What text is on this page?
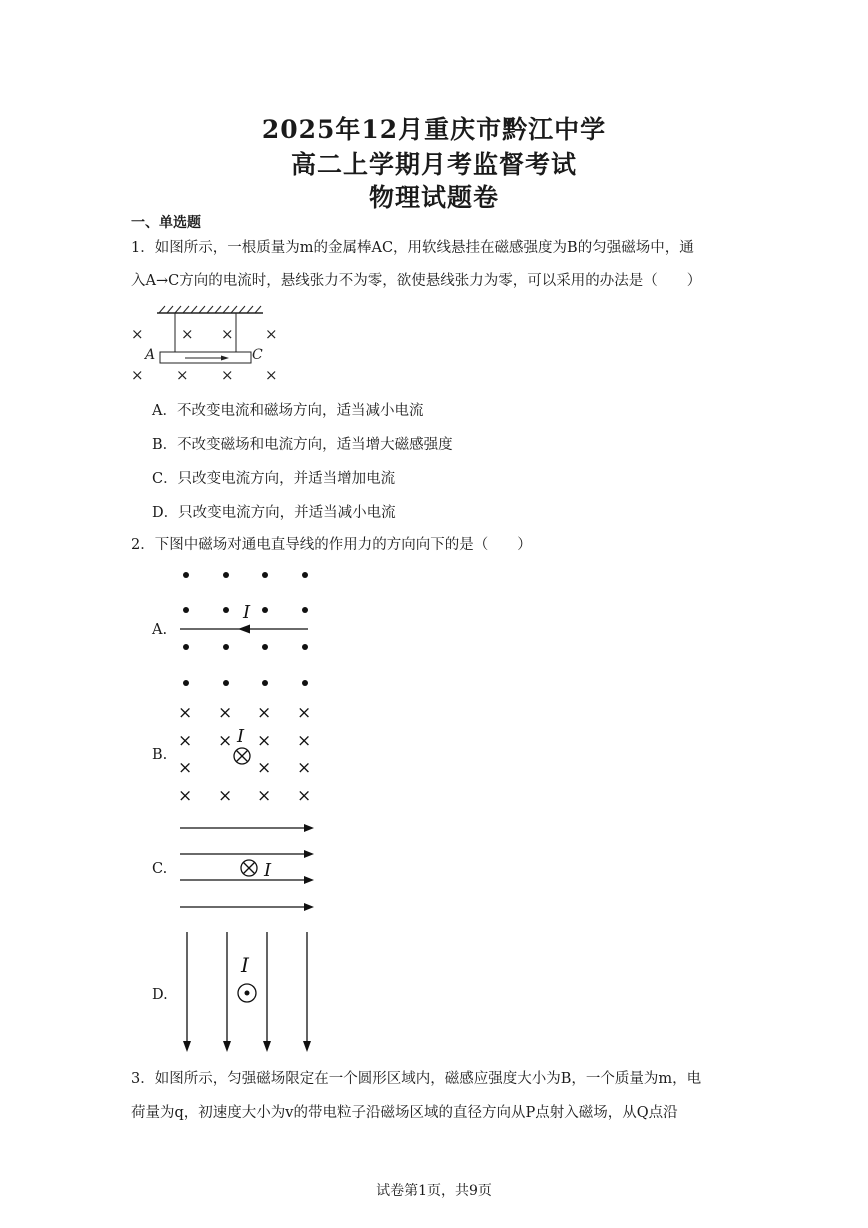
2025年12月重庆市黔江中学
高二上学期月考监督考试
物理试题卷
一、单选题
1．如图所示，一根质量为m的金属棒AC，用软线悬挂在磁感强度为B的匀强磁场中，通
入A→C方向的电流时，悬线张力不为零，欲使悬线张力为零，可以采用的办法是（　　）
× × × ×
× × × ×
A	C
A．不改变电流和磁场方向，适当减小电流
B．不改变磁场和电流方向，适当增大磁感强度
C．只改变电流方向，并适当增加电流
D．只改变电流方向，并适当减小电流
2．下图中磁场对通电直导线的作用力的方向向下的是（　　）
A.
I
B.
× × × ×
× × × ×
×	× ×
× × × ×
I
C.	I
D.
I
3．如图所示，匀强磁场限定在一个圆形区域内，磁感应强度大小为B，一个质量为m，电
荷量为q，初速度大小为v的带电粒子沿磁场区域的直径方向从P点射入磁场，从Q点沿
试卷第1页，共9页
